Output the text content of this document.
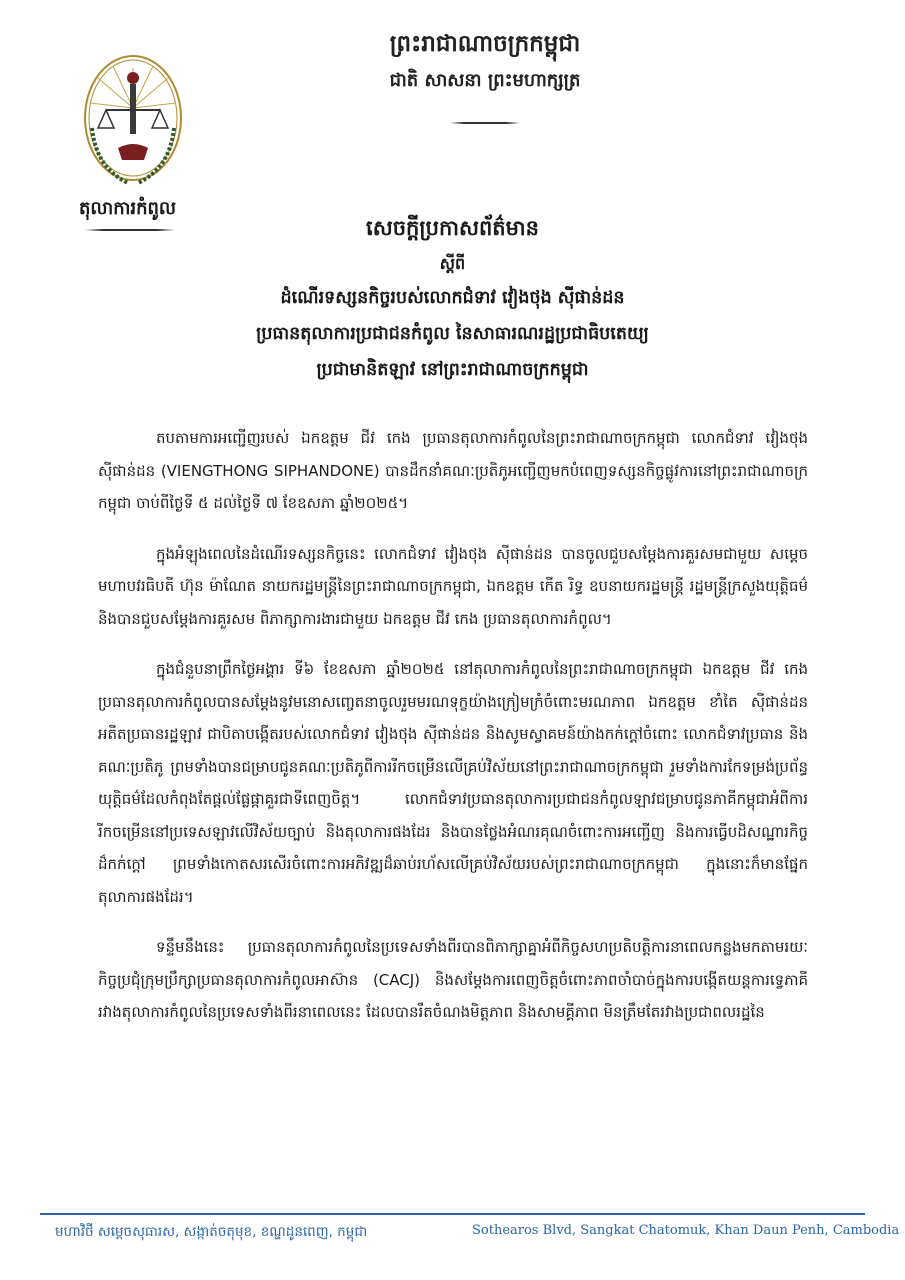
តុលាការកំពូល
ព្រះរាជាណាចក្រកម្ពុជា
ជាតិ សាសនា ព្រះមហាក្សត្រ
សេចក្តីប្រកាសព័ត៌មាន
ស្តីពី
ដំណើរទស្សនកិច្ចរបស់លោកជំទាវ វៀងថុង ស៊ីផាន់ដន
ប្រធានតុលាការប្រជាជនកំពូល នៃសាធារណរដ្ឋប្រជាធិបតេយ្យ
ប្រជាមានិតឡាវ នៅព្រះរាជាណាចក្រកម្ពុជា

តបតាមការអញ្ជើញរបស់ ឯកឧត្តម ជីវ កេង ប្រធានតុលាការកំពូលនៃព្រះរាជាណាចក្រកម្ពុជា លោកជំទាវ វៀងថុង ស៊ីផាន់ដន (VIENGTHONG SIPHANDONE) បានដឹកនាំគណៈប្រតិភូអញ្ជើញមកបំពេញទស្សនកិច្ចផ្លូវការនៅព្រះរាជាណាចក្រកម្ពុជា ចាប់ពីថ្ងៃទី ៥ ដល់ថ្ងៃទី ៧ ខែឧសភា ឆ្នាំ២០២៥។

ក្នុងអំឡុងពេលនៃដំណើរទស្សនកិច្ចនេះ លោកជំទាវ វៀងថុង ស៊ីផាន់ដន បានចូលជួបសម្តែងការគួរសមជាមួយ សម្តេចមហាបវរធិបតី ហ៊ុន ម៉ាណែត នាយករដ្ឋមន្ត្រីនៃព្រះរាជាណាចក្រកម្ពុជា, ឯកឧត្តម កើត រិទ្ធ ឧបនាយករដ្ឋមន្ត្រី រដ្ឋមន្ត្រីក្រសួងយុត្តិធម៌ និងបានជួបសម្តែងការគួរសម ពិភាក្សាការងារជាមួយ ឯកឧត្តម ជីវ កេង ប្រធានតុលាការកំពូល។

ក្នុងជំនួបនាព្រឹកថ្ងៃអង្គារ ទី៦ ខែឧសភា ឆ្នាំ២០២៥ នៅតុលាការកំពូលនៃព្រះរាជាណាចក្រកម្ពុជា ឯកឧត្តម ជីវ កេង ប្រធានតុលាការកំពូលបានសម្តែងនូវមនោសញ្ចេតនាចូលរួមមរណទុក្ខយ៉ាងក្រៀមក្រំចំពោះមរណភាព ឯកឧត្តម ខាំតៃ ស៊ីផាន់ដន អតីតប្រធានរដ្ឋឡាវ ជាបិតាបង្កើតរបស់លោកជំទាវ វៀងថុង ស៊ីផាន់ដន និងសូមស្វាគមន៍យ៉ាងកក់ក្តៅចំពោះ លោកជំទាវប្រធាន និងគណៈប្រតិភូ ព្រមទាំងបានជម្រាបជូនគណៈប្រតិភូពីការរីកចម្រើនលើគ្រប់វិស័យនៅព្រះរាជាណាចក្រកម្ពុជា រួមទាំងការកែទម្រង់ប្រព័ន្ធយុត្តិធម៌ដែលកំពុងតែផ្តល់ផ្លែផ្កាគួរជាទីពេញចិត្ត។ លោកជំទាវប្រធានតុលាការប្រជាជនកំពូលឡាវជម្រាបជូនភាគីកម្ពុជាអំពីការរីកចម្រើននៅប្រទេសឡាវលើវិស័យច្បាប់ និងតុលាការផងដែរ និងបានថ្លែងអំណរគុណចំពោះការអញ្ជើញ និងការធ្វើបដិសណ្ឋារកិច្ចដ៏កក់ក្តៅ ព្រមទាំងកោតសរសើរចំពោះការអភិវឌ្ឍដ៏ឆាប់រហ័សលើគ្រប់វិស័យរបស់ព្រះរាជាណាចក្រកម្ពុជា ក្នុងនោះក៏មានផ្នែកតុលាការផងដែរ។

ទន្ទឹមនឹងនេះ ប្រធានតុលាការកំពូលនៃប្រទេសទាំងពីរបានពិភាក្សាគ្នាអំពីកិច្ចសហប្រតិបត្តិការនាពេលកន្លងមកតាមរយៈកិច្ចប្រជុំក្រុមប្រឹក្សាប្រធានតុលាការកំពូលអាស៊ាន (CACJ) និងសម្តែងការពេញចិត្តចំពោះភាពចាំបាច់ក្នុងការបង្កើតយន្តការទេ្វភាគីរវាងតុលាការកំពូលនៃប្រទេសទាំងពីរនាពេលនេះ ដែលបានរឹតចំណងមិត្តភាព និងសាមគ្គីភាព មិនត្រឹមតែរវាងប្រជាពលរដ្ឋនៃ

មហាវិថី សម្តេចសុធារស, សង្កាត់ចតុមុខ, ខណ្ឌដូនពេញ, កម្ពុជា	Sothearos Blvd, Sangkat Chatomuk, Khan Daun Penh, Cambodia
